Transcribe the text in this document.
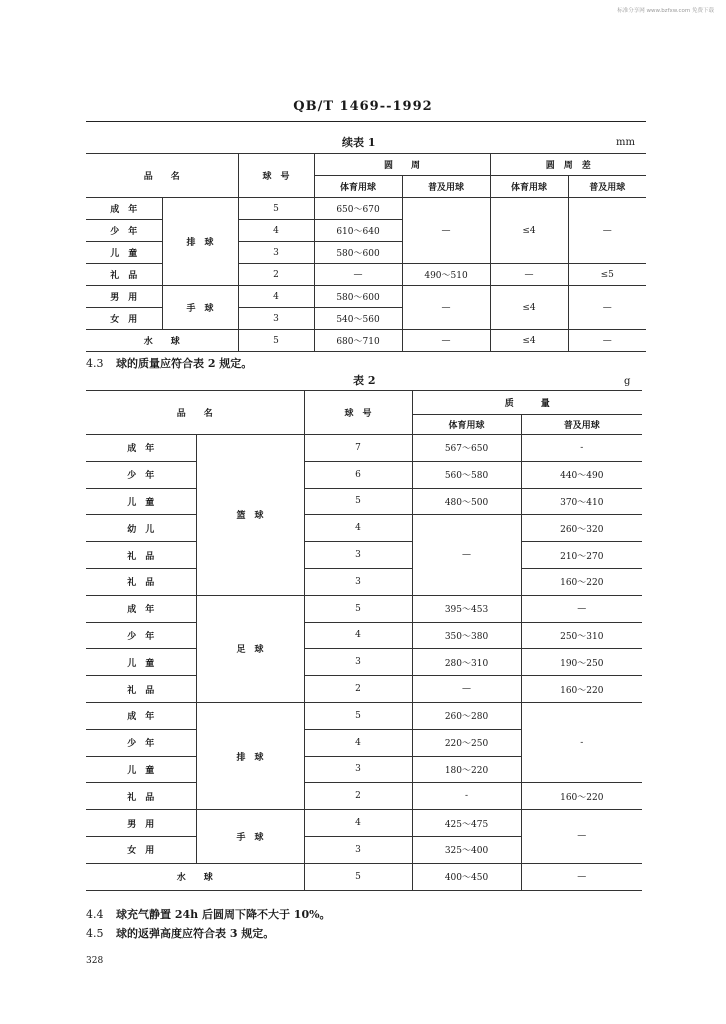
标准分享网 www.bzfxw.com 免费下载
QB/T 1469--1992
续表 1	mm
品　　名		球　号	圆　　周		圆　周　差	
			体育用球	普及用球	体育用球	普及用球
成　年	排　球	5	650～670	—	≤4	—
少　年		4	610～640			
儿　童		3	580～600			
礼　品		2	—	490～510	—	≤5
男　用	手　球	4	580～600	—	≤4	—
女　用		3	540～560			
水　　球		5	680～710	—	≤4	—
4.3 球的质量应符合表 2 规定。
表 2	g
品　　名		球　号	质　　　量	
			体育用球	普及用球
成　年	篮　球	7	567～650	-
少　年		6	560～580	440～490
儿　童		5	480～500	370～410
幼　儿		4	—	260～320
礼　品		3		210～270
礼　品		3		160～220
成　年	足　球	5	395～453	—
少　年		4	350～380	250～310
儿　童		3	280～310	190～250
礼　品		2	—	160～220
成　年	排　球	5	260～280	-
少　年		4	220～250	
儿　童		3	180～220	
礼　品		2	-	160～220
男　用	手　球	4	425～475	—
女　用		3	325～400	
水　　球		5	400～450	—
4.4 球充气静置 24h 后圆周下降不大于 10%。
4.5 球的返弹高度应符合表 3 规定。
328
